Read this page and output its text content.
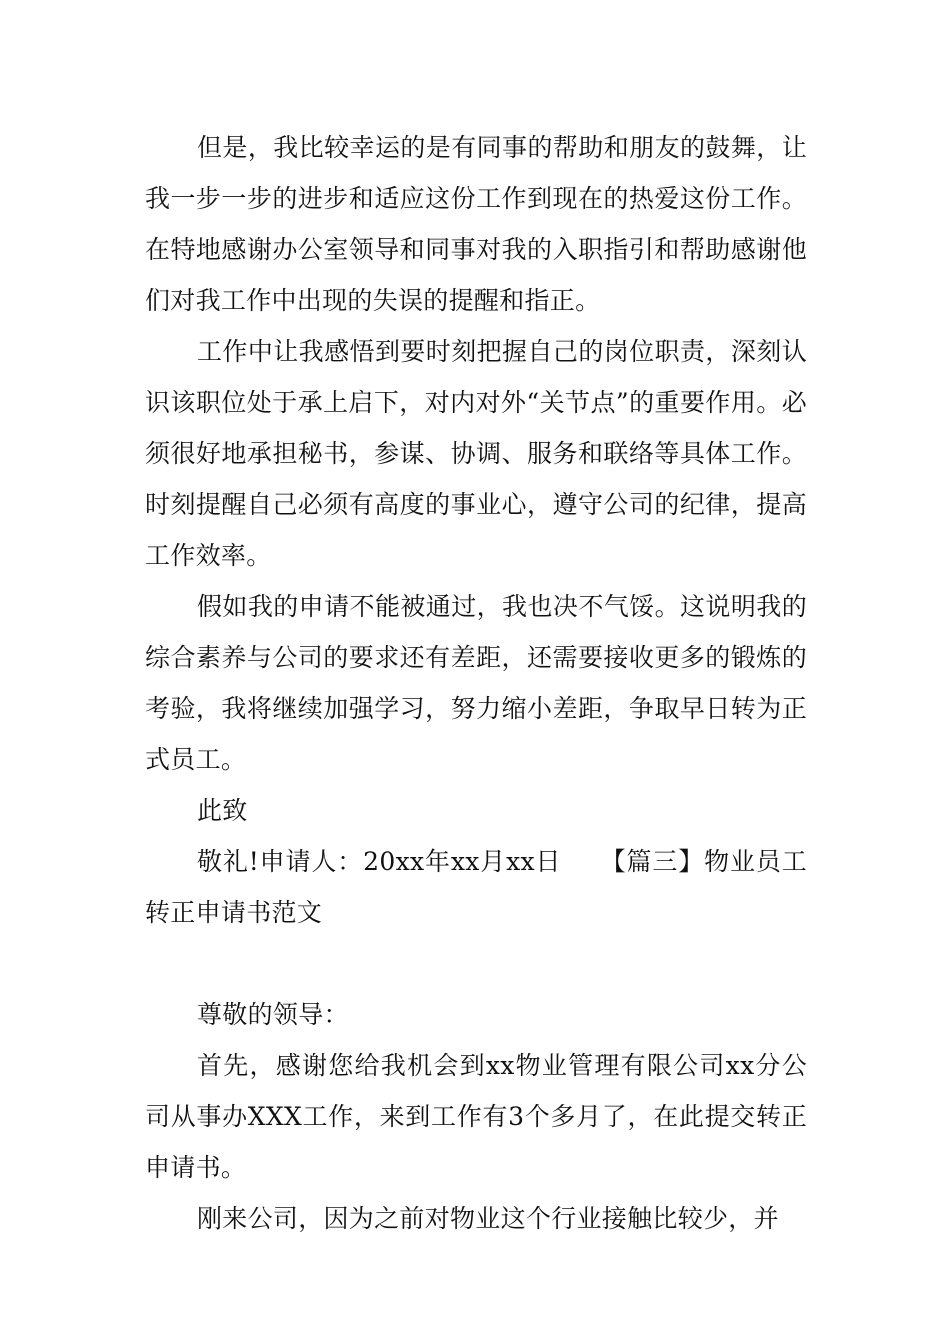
但是，我比较幸运的是有同事的帮助和朋友的鼓舞，让我一步一步的进步和适应这份工作到现在的热爱这份工作。在特地感谢办公室领导和同事对我的入职指引和帮助感谢他们对我工作中出现的失误的提醒和指正。

工作中让我感悟到要时刻把握自己的岗位职责，深刻认识该职位处于承上启下，对内对外“关节点”的重要作用。必须很好地承担秘书，参谋、协调、服务和联络等具体工作。时刻提醒自己必须有高度的事业心，遵守公司的纪律，提高工作效率。

假如我的申请不能被通过，我也决不气馁。这说明我的综合素养与公司的要求还有差距，还需要接收更多的锻炼的考验，我将继续加强学习，努力缩小差距，争取早日转为正式员工。

此致

敬礼!申请人：20xx年xx月xx日　　【篇三】物业员工转正申请书范文

尊敬的领导：

首先，感谢您给我机会到xx物业管理有限公司xx分公司从事办XXX工作，来到工作有3个多月了，在此提交转正申请书。

刚来公司，因为之前对物业这个行业接触比较少，并
